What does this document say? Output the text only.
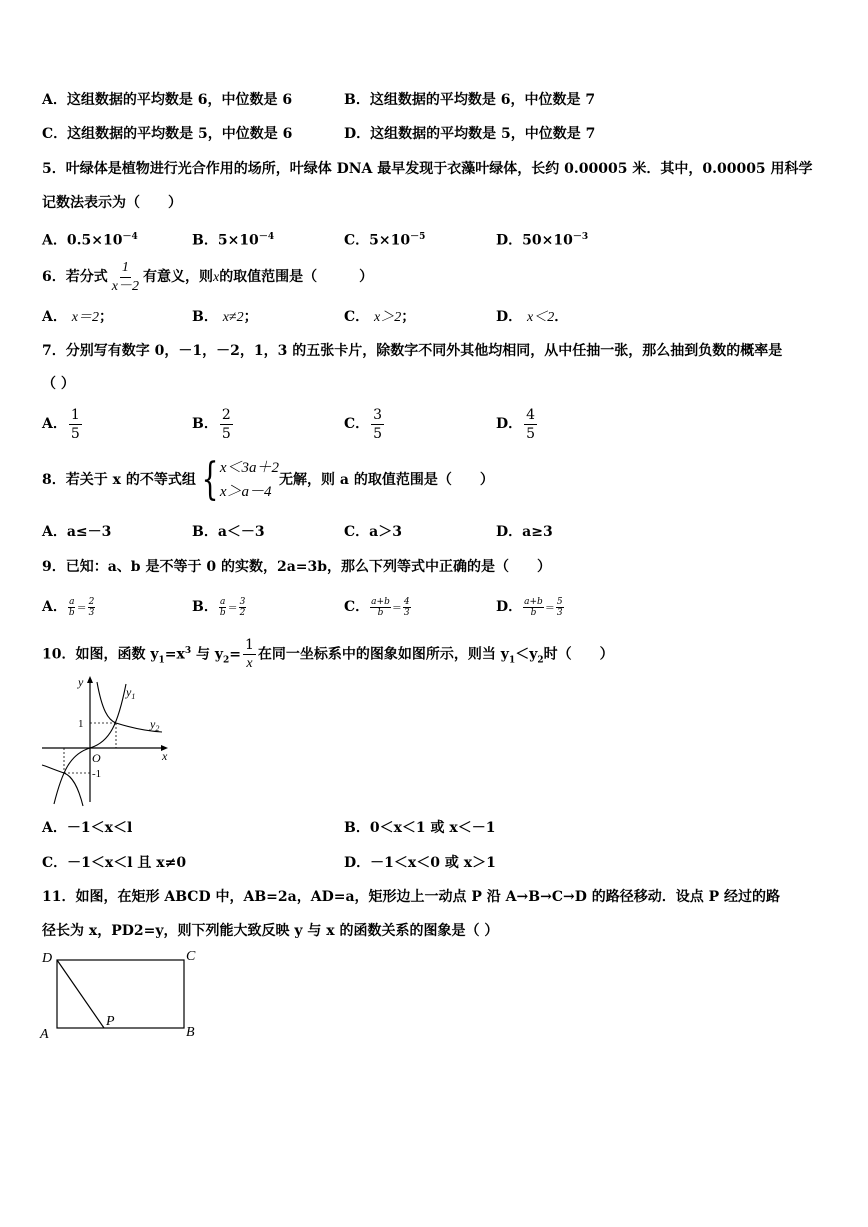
A．这组数据的平均数是 6，中位数是 6	B．这组数据的平均数是 6，中位数是 7
C．这组数据的平均数是 5，中位数是 6	D．这组数据的平均数是 5，中位数是 7
5．叶绿体是植物进行光合作用的场所，叶绿体 DNA 最早发现于衣藻叶绿体，长约 0.00005 米．其中，0.00005 用科学
记数法表示为（　　）
A．$0.5\times 10^{-4}$	B．$5\times 10^{-4}$	C．$5\times 10^{-5}$	D．$50\times 10^{-3}$
6．若分式 $\frac{1}{x-2}$ 有意义，则x的取值范围是（　　　）
A． x＝2；	B． x≠2；	C． x＞2；	D． x＜2．
7．分别写有数字 0，－1，－2，1，3 的五张卡片，除数字不同外其他均相同，从中任抽一张，那么抽到负数的概率是
（ ）
A． $\frac{1}{5}$	B． $\frac{2}{5}$	C． $\frac{3}{5}$	D． $\frac{4}{5}$
8．若关于 x 的不等式组 { x＜3a＋2
x＞a－4
无解，则 a 的取值范围是（　　）
A．a≤－3	B．a＜－3	C．a＞3	D．a≥3
9．已知：a、b 是不等于 0 的实数，2a=3b，那么下列等式中正确的是（　　）
A． $\frac{a}{b} = \frac{2}{3}$	B． $\frac{a}{b} = \frac{3}{2}$	C． $\frac{a+b}{b} = \frac{4}{3}$	D． $\frac{a+b}{b} = \frac{5}{3}$
10．如图，函数 $y_1=x^3$ 与 $y_2= \frac{1}{x}$ 在同一坐标系中的图象如图所示，则当 $y_1<y_2$时（　　）
y
x
O
1
-1
$y_1$
$y_2$
A．－1＜x＜l	B．0＜x＜1 或 x＜－1
C．－1＜x＜l 且 x≠0	D．－1＜x＜0 或 x＞1
11．如图，在矩形 ABCD 中，AB=2a，AD=a，矩形边上一动点 P 沿 A→B→C→D 的路径移动．设点 P 经过的路
径长为 x，PD2=y，则下列能大致反映 y 与 x 的函数关系的图象是（ ）
D	C
A	B
P
